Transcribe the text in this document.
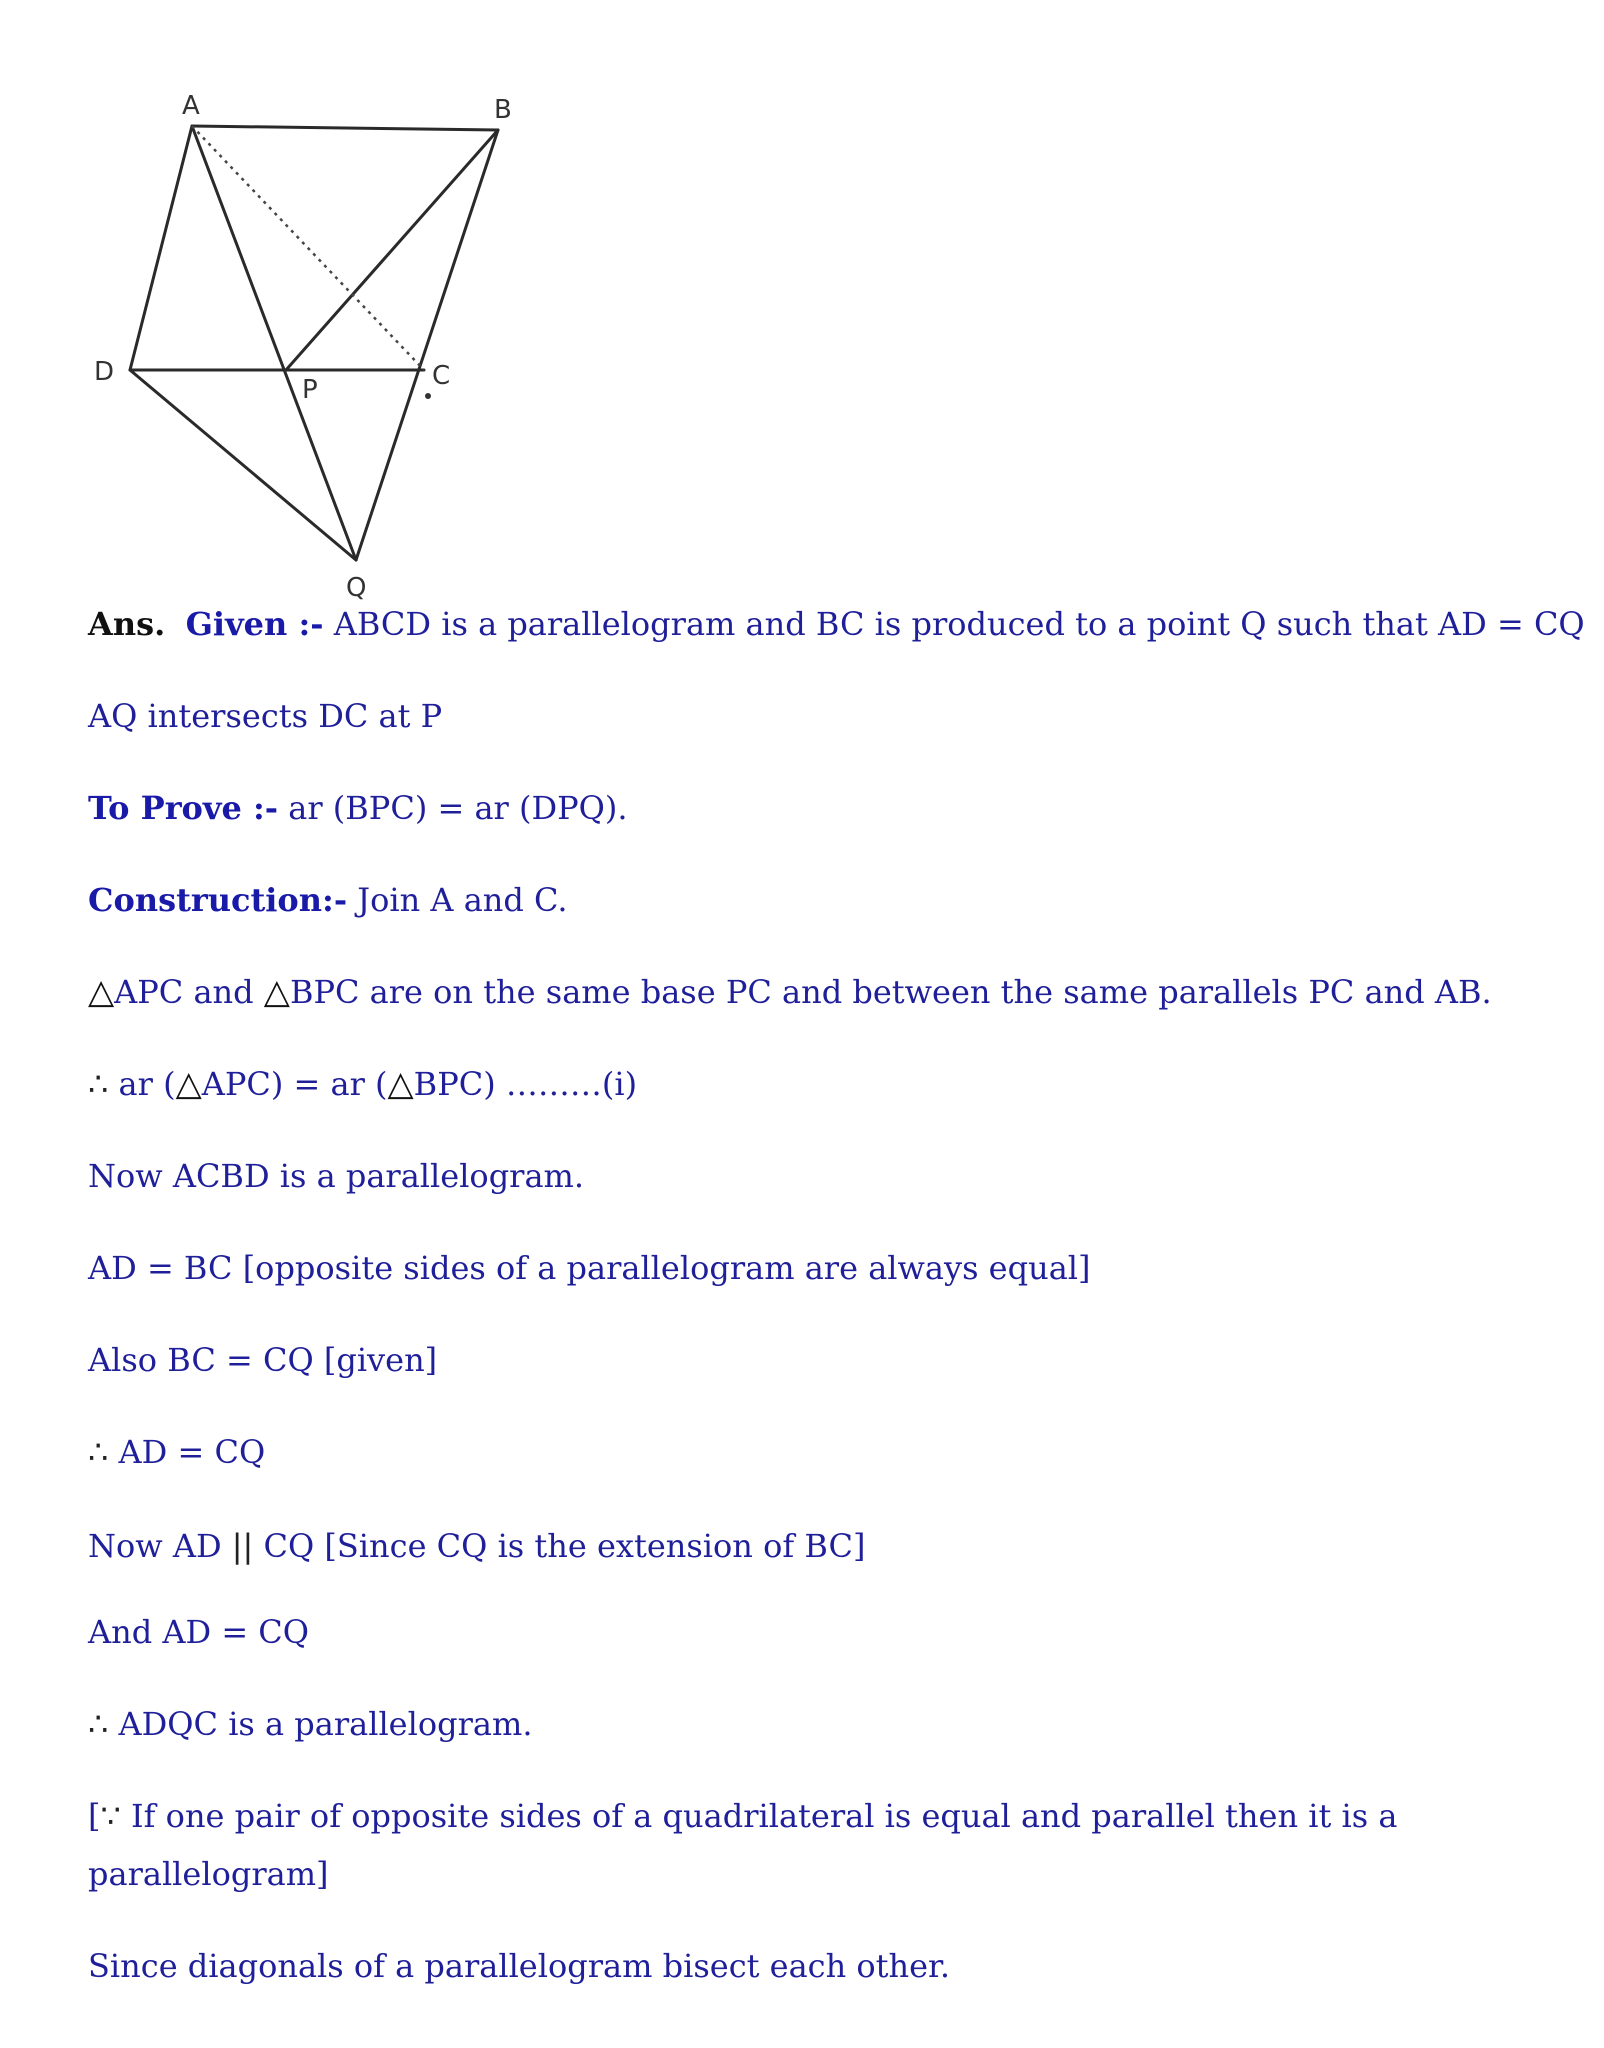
A	B
D	C
P
Q
Ans. Given :- ABCD is a parallelogram and BC is produced to a point Q such that AD = CQ
AQ intersects DC at P
To Prove :- ar (BPC) = ar (DPQ).
Construction:- Join A and C.
△APC and △BPC are on the same base PC and between the same parallels PC and AB.
∴ ar (△APC) = ar (△BPC) ………(i)
Now ACBD is a parallelogram.
AD = BC [opposite sides of a parallelogram are always equal]
Also BC = CQ [given]
∴ AD = CQ
Now AD || CQ [Since CQ is the extension of BC]
And AD = CQ
∴ ADQC is a parallelogram.
[∵ If one pair of opposite sides of a quadrilateral is equal and parallel then it is a
parallelogram]
Since diagonals of a parallelogram bisect each other.
